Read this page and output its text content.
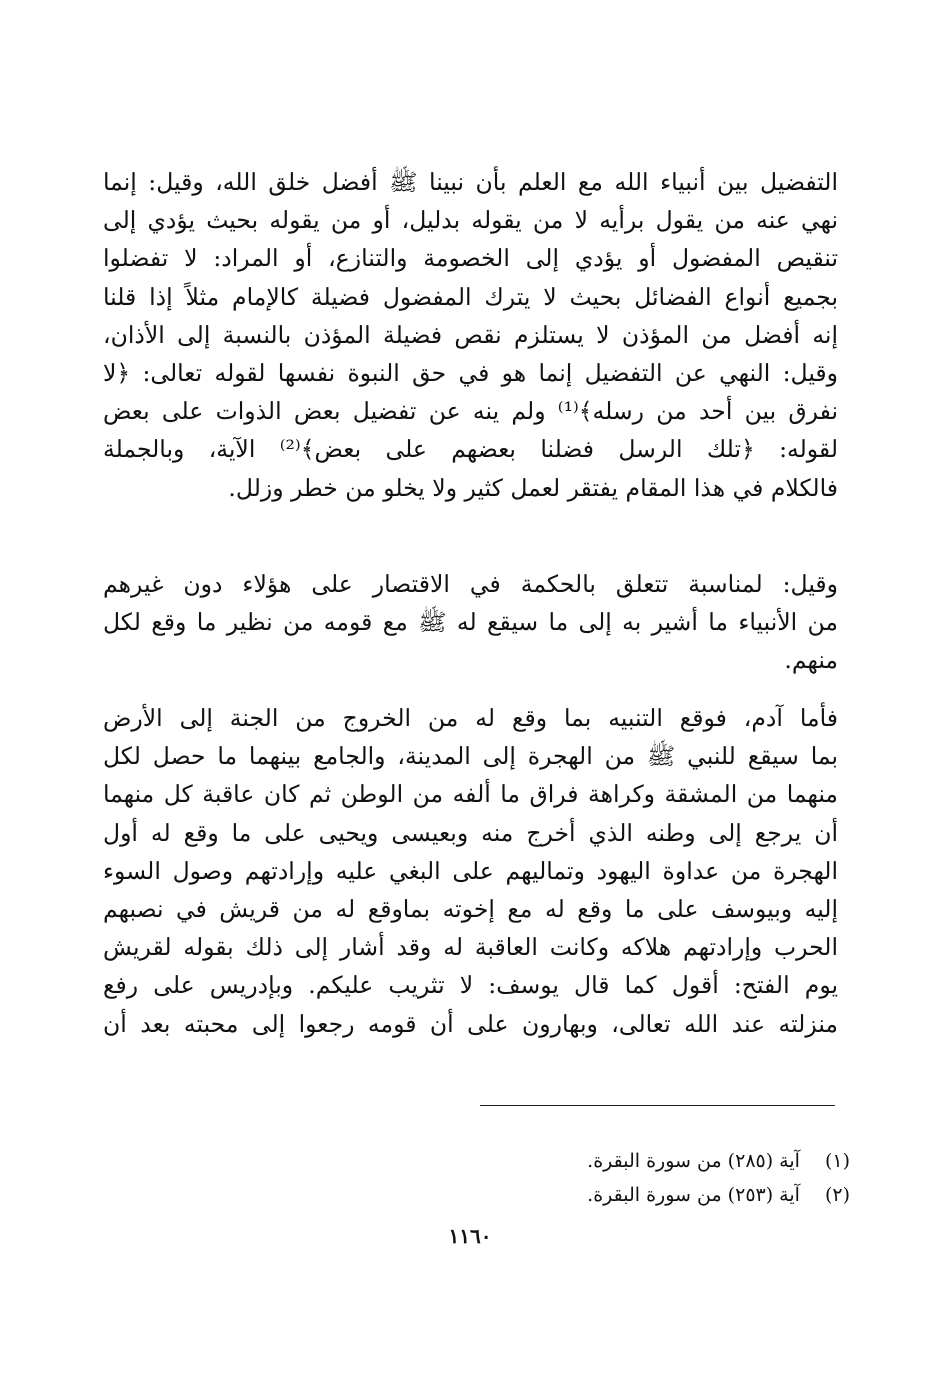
التفضيل بين أنبياء الله مع العلم بأن نبينا ﷺ أفضل خلق الله، وقيل: إنما
نهي عنه من يقول برأيه لا من يقوله بدليل، أو من يقوله بحيث يؤدي إلى
تنقيص المفضول أو يؤدي إلى الخصومة والتنازع، أو المراد: لا تفضلوا
بجميع أنواع الفضائل بحيث لا يترك المفضول فضيلة كالإمام مثلاً إذا قلنا
إنه أفضل من المؤذن لا يستلزم نقص فضيلة المؤذن بالنسبة إلى الأذان،
وقيل: النهي عن التفضيل إنما هو في حق النبوة نفسها لقوله تعالى: ﴿لا
نفرق بين أحد من رسله﴾⁽¹⁾ ولم ينه عن تفضيل بعض الذوات على بعض
لقوله: ﴿تلك الرسل فضلنا بعضهم على بعض﴾⁽²⁾ الآية، وبالجملة
فالكلام في هذا المقام يفتقر لعمل كثير ولا يخلو من خطر وزلل.
وقيل: لمناسبة تتعلق بالحكمة في الاقتصار على هؤلاء دون غيرهم
من الأنبياء ما أشير به إلى ما سيقع له ﷺ مع قومه من نظير ما وقع لكل
منهم.
فأما آدم، فوقع التنبيه بما وقع له من الخروج من الجنة إلى الأرض
بما سيقع للنبي ﷺ من الهجرة إلى المدينة، والجامع بينهما ما حصل لكل
منهما من المشقة وكراهة فراق ما ألفه من الوطن ثم كان عاقبة كل منهما
أن يرجع إلى وطنه الذي أخرج منه وبعيسى ويحيى على ما وقع له أول
الهجرة من عداوة اليهود وتماليهم على البغي عليه وإرادتهم وصول السوء
إليه وبيوسف على ما وقع له مع إخوته بماوقع له من قريش في نصبهم
الحرب وإرادتهم هلاكه وكانت العاقبة له وقد أشار إلى ذلك بقوله لقريش
يوم الفتح: أقول كما قال يوسف: لا تثريب عليكم. وبإدريس على رفع
منزلته عند الله تعالى، وبهارون على أن قومه رجعوا إلى محبته بعد أن
(١) آية (٢٨٥) من سورة البقرة.
(٢) آية (٢٥٣) من سورة البقرة.
١١٦٠
